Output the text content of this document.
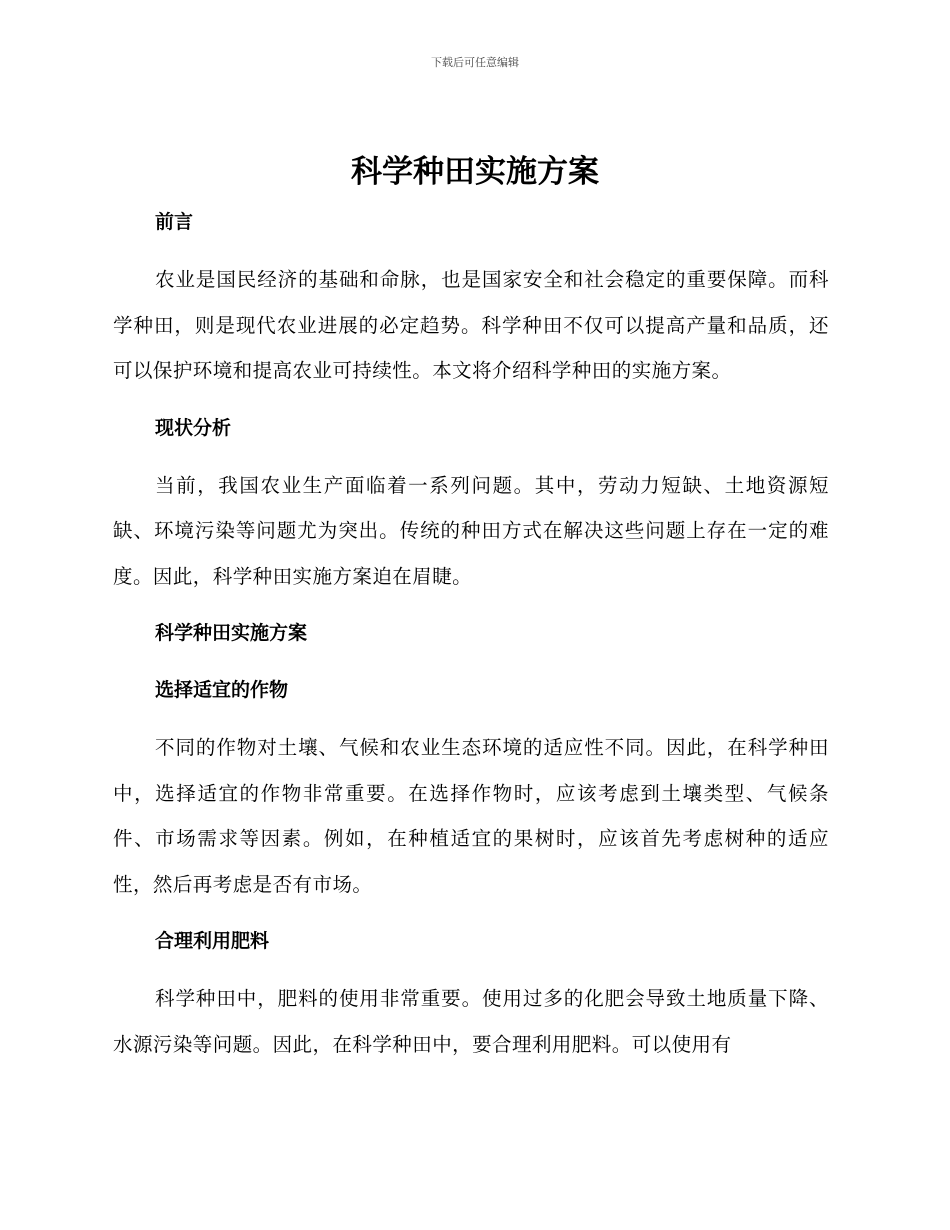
下载后可任意编辑
科学种田实施方案
前言

农业是国民经济的基础和命脉，也是国家安全和社会稳定的重要保障。而科学种田，则是现代农业进展的必定趋势。科学种田不仅可以提高产量和品质，还可以保护环境和提高农业可持续性。本文将介绍科学种田的实施方案。

现状分析

当前，我国农业生产面临着一系列问题。其中，劳动力短缺、土地资源短缺、环境污染等问题尤为突出。传统的种田方式在解决这些问题上存在一定的难度。因此，科学种田实施方案迫在眉睫。

科学种田实施方案
选择适宜的作物

不同的作物对土壤、气候和农业生态环境的适应性不同。因此，在科学种田中，选择适宜的作物非常重要。在选择作物时，应该考虑到土壤类型、气候条件、市场需求等因素。例如，在种植适宜的果树时，应该首先考虑树种的适应性，然后再考虑是否有市场。

合理利用肥料

科学种田中，肥料的使用非常重要。使用过多的化肥会导致土地质量下降、水源污染等问题。因此，在科学种田中，要合理利用肥料。可以使用有
